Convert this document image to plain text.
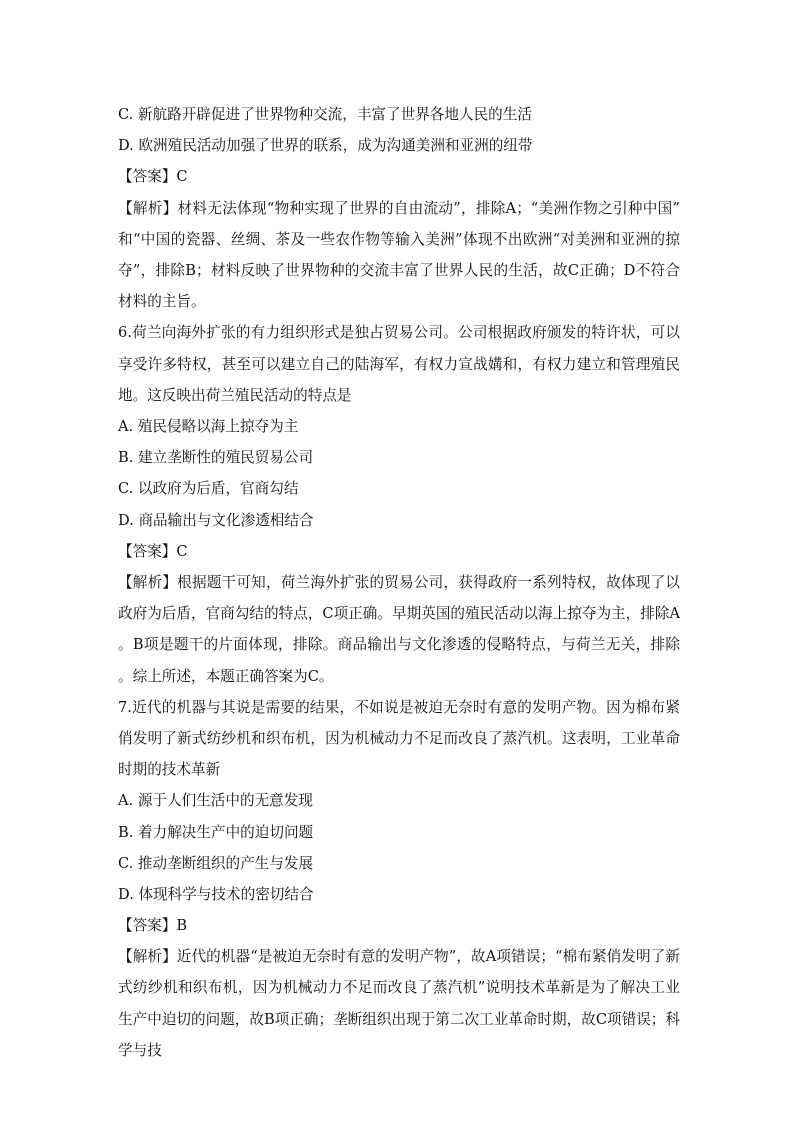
C. 新航路开辟促进了世界物种交流，丰富了世界各地人民的生活
D. 欧洲殖民活动加强了世界的联系，成为沟通美洲和亚洲的纽带
【答案】C
【解析】材料无法体现“物种实现了世界的自由流动”，排除A；“美洲作物之引种中国”和“中国的瓷器、丝绸、茶及一些农作物等输入美洲”体现不出欧洲“对美洲和亚洲的掠夺”，排除B；材料反映了世界物种的交流丰富了世界人民的生活，故C正确；D不符合材料的主旨。
6.荷兰向海外扩张的有力组织形式是独占贸易公司。公司根据政府颁发的特许状，可以享受许多特权，甚至可以建立自己的陆海军，有权力宣战媾和，有权力建立和管理殖民地。这反映出荷兰殖民活动的特点是
A. 殖民侵略以海上掠夺为主
B. 建立垄断性的殖民贸易公司
C. 以政府为后盾，官商勾结
D. 商品输出与文化渗透相结合
【答案】C
【解析】根据题干可知，荷兰海外扩张的贸易公司，获得政府一系列特权，故体现了以政府为后盾，官商勾结的特点，C项正确。早期英国的殖民活动以海上掠夺为主，排除A。B项是题干的片面体现，排除。商品输出与文化渗透的侵略特点，与荷兰无关，排除。综上所述，本题正确答案为C。
7.近代的机器与其说是需要的结果，不如说是被迫无奈时有意的发明产物。因为棉布紧俏发明了新式纺纱机和织布机，因为机械动力不足而改良了蒸汽机。这表明，工业革命时期的技术革新
A. 源于人们生活中的无意发现
B. 着力解决生产中的迫切问题
C. 推动垄断组织的产生与发展
D. 体现科学与技术的密切结合
【答案】B
【解析】近代的机器“是被迫无奈时有意的发明产物”，故A项错误；“棉布紧俏发明了新式纺纱机和织布机，因为机械动力不足而改良了蒸汽机”说明技术革新是为了解决工业生产中迫切的问题，故B项正确；垄断组织出现于第二次工业革命时期，故C项错误；科学与技
